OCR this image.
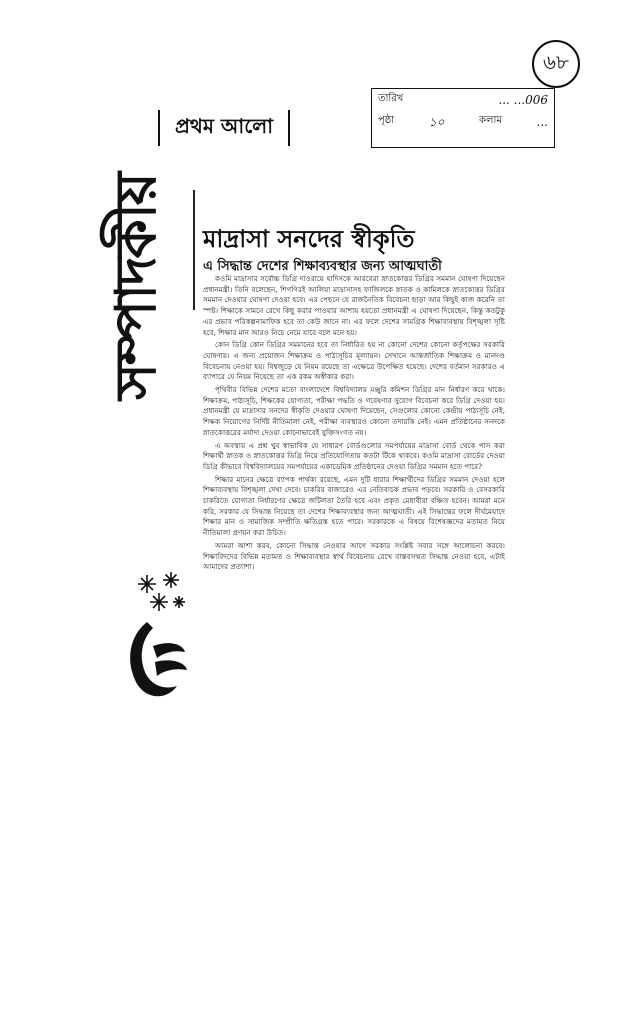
৬৮
প্রথম আলো
তারিখ	... ...006
পৃষ্ঠা	১০	কলাম	...
সম্পাদকীয়	মাদ্রাসা সনদের স্বীকৃতি
এ সিদ্ধান্ত দেশের শিক্ষাব্যবস্থার জন্য আত্মঘাতী

কওমি মাদ্রাসার সর্বোচ্চ ডিগ্রি দাওরায়ে হাদিসকে আরবেরা স্নাতকোত্তর ডিগ্রির সমমান ঘোষণা দিয়েছেন প্রধানমন্ত্রী। তিনি বলেছেন, শিগগিরই আলিয়া মাদ্রাসাসহ ফাজিলকে স্নাতক ও কামিলকে স্নাতকোত্তর ডিগ্রির সমমান দেওয়ার ঘোষণা দেওয়া হবে। এর পেছনে যে রাজনৈতিক বিবেচনা ছাড়া আর কিছুই কাজ করেনি তা স্পষ্ট। শিক্ষাকে সামনে রেখে কিছু করার পাওয়ার আশায় হয়তো প্রধানমন্ত্রী এ ঘোষণা দিয়েছেন, কিন্তু কতটুকু এর প্রভাব পরিকল্পনামাফিক হবে তা কেউ জানে না। এর ফলে দেশের সামগ্রিক শিক্ষাব্যবস্থায় বিশৃঙ্খলা সৃষ্টি হবে, শিক্ষার মান আরও নিচে নেমে যাবে বলে মনে হয়।

কোন ডিগ্রি কোন ডিগ্রির সমমানের হবে তা নির্ধারিত হয় না কোনো দেশের কোনো কর্তৃপক্ষের সরকারি ঘোষণায়। এ জন্য প্রয়োজন শিক্ষাক্রম ও পাঠ্যসূচির মূল্যায়ন। সেখানে আন্তর্জাতিক শিক্ষাক্রম ও মানদণ্ড বিবেচনায় নেওয়া হয়। বিশ্বজুড়ে যে নিয়ম রয়েছে তা এক্ষেত্রে উপেক্ষিত হয়েছে। দেশের বর্তমান সরকারও এ ব্যাপারে যে নিয়ম নিয়েছে তা এক রকম অস্বীকার করা।

পৃথিবীর বিভিন্ন দেশের মতো বাংলাদেশে বিশ্ববিদ্যালয় মঞ্জুরি কমিশন ডিগ্রির মান নির্ধারণ করে থাকে। শিক্ষাক্রম, পাঠ্যসূচি, শিক্ষকের যোগ্যতা, পরীক্ষা পদ্ধতি ও গবেষণার সুযোগ বিবেচনা করে ডিগ্রি দেওয়া হয়। প্রধানমন্ত্রী যে মাদ্রাসার সনদের স্বীকৃতি দেওয়ার ঘোষণা দিয়েছেন, সেগুলোর কোনো কেন্দ্রীয় পাঠ্যসূচি নেই, শিক্ষক নিয়োগের নির্দিষ্ট নীতিমালা নেই, পরীক্ষা ব্যবস্থারও কোনো তদারকি নেই। এমন প্রতিষ্ঠানের সনদকে স্নাতকোত্তরের মর্যাদা দেওয়া কোনোভাবেই যুক্তিসংগত নয়।

এ অবস্থায় এ প্রশ্ন খুব স্বাভাবিক যে সাধারণ বোর্ডগুলোর সমপর্যায়ের মাদ্রাসা বোর্ড থেকে পাস করা শিক্ষার্থী স্নাতক ও স্নাতকোত্তর ডিগ্রি নিয়ে প্রতিযোগিতায় কতটা টিকে থাকবে। কওমি মাদ্রাসা বোর্ডের দেওয়া ডিগ্রি কীভাবে বিশ্ববিদ্যালয়ের সমপর্যায়ের একাডেমিক প্রতিষ্ঠানের দেওয়া ডিগ্রির সমমান হতে পারে?

শিক্ষার মানের ক্ষেত্রে ব্যাপক পার্থক্য রয়েছে, এমন দুটি ধারার শিক্ষার্থীদের ডিগ্রির সমমান দেওয়া হলে শিক্ষাব্যবস্থায় বিশৃঙ্খলা দেখা দেবে। চাকরির বাজারেও এর নেতিবাচক প্রভাব পড়বে। সরকারি ও বেসরকারি চাকরিতে যোগ্যতা নির্ধারণের ক্ষেত্রে জটিলতা তৈরি হবে এবং প্রকৃত মেধাবীরা বঞ্চিত হবেন। আমরা মনে করি, সরকার যে সিদ্ধান্ত নিয়েছে তা দেশের শিক্ষাব্যবস্থার জন্য আত্মঘাতী। এই সিদ্ধান্তের ফলে দীর্ঘমেয়াদে শিক্ষার মান ও সামাজিক সম্প্রীতি ক্ষতিগ্রস্ত হতে পারে। সরকারকে এ বিষয়ে বিশেষজ্ঞদের মতামত নিয়ে নীতিমালা প্রণয়ন করা উচিত।

আমরা আশা করব, কোনো সিদ্ধান্ত নেওয়ার আগে সরকার সংশ্লিষ্ট সবার সঙ্গে আলোচনা করবে। শিক্ষাবিদদের বিভিন্ন মতামত ও শিক্ষাব্যবস্থার স্বার্থ বিবেচনায় রেখে বাস্তবসম্মত সিদ্ধান্ত নেওয়া হবে, এটাই আমাদের প্রত্যাশা।
